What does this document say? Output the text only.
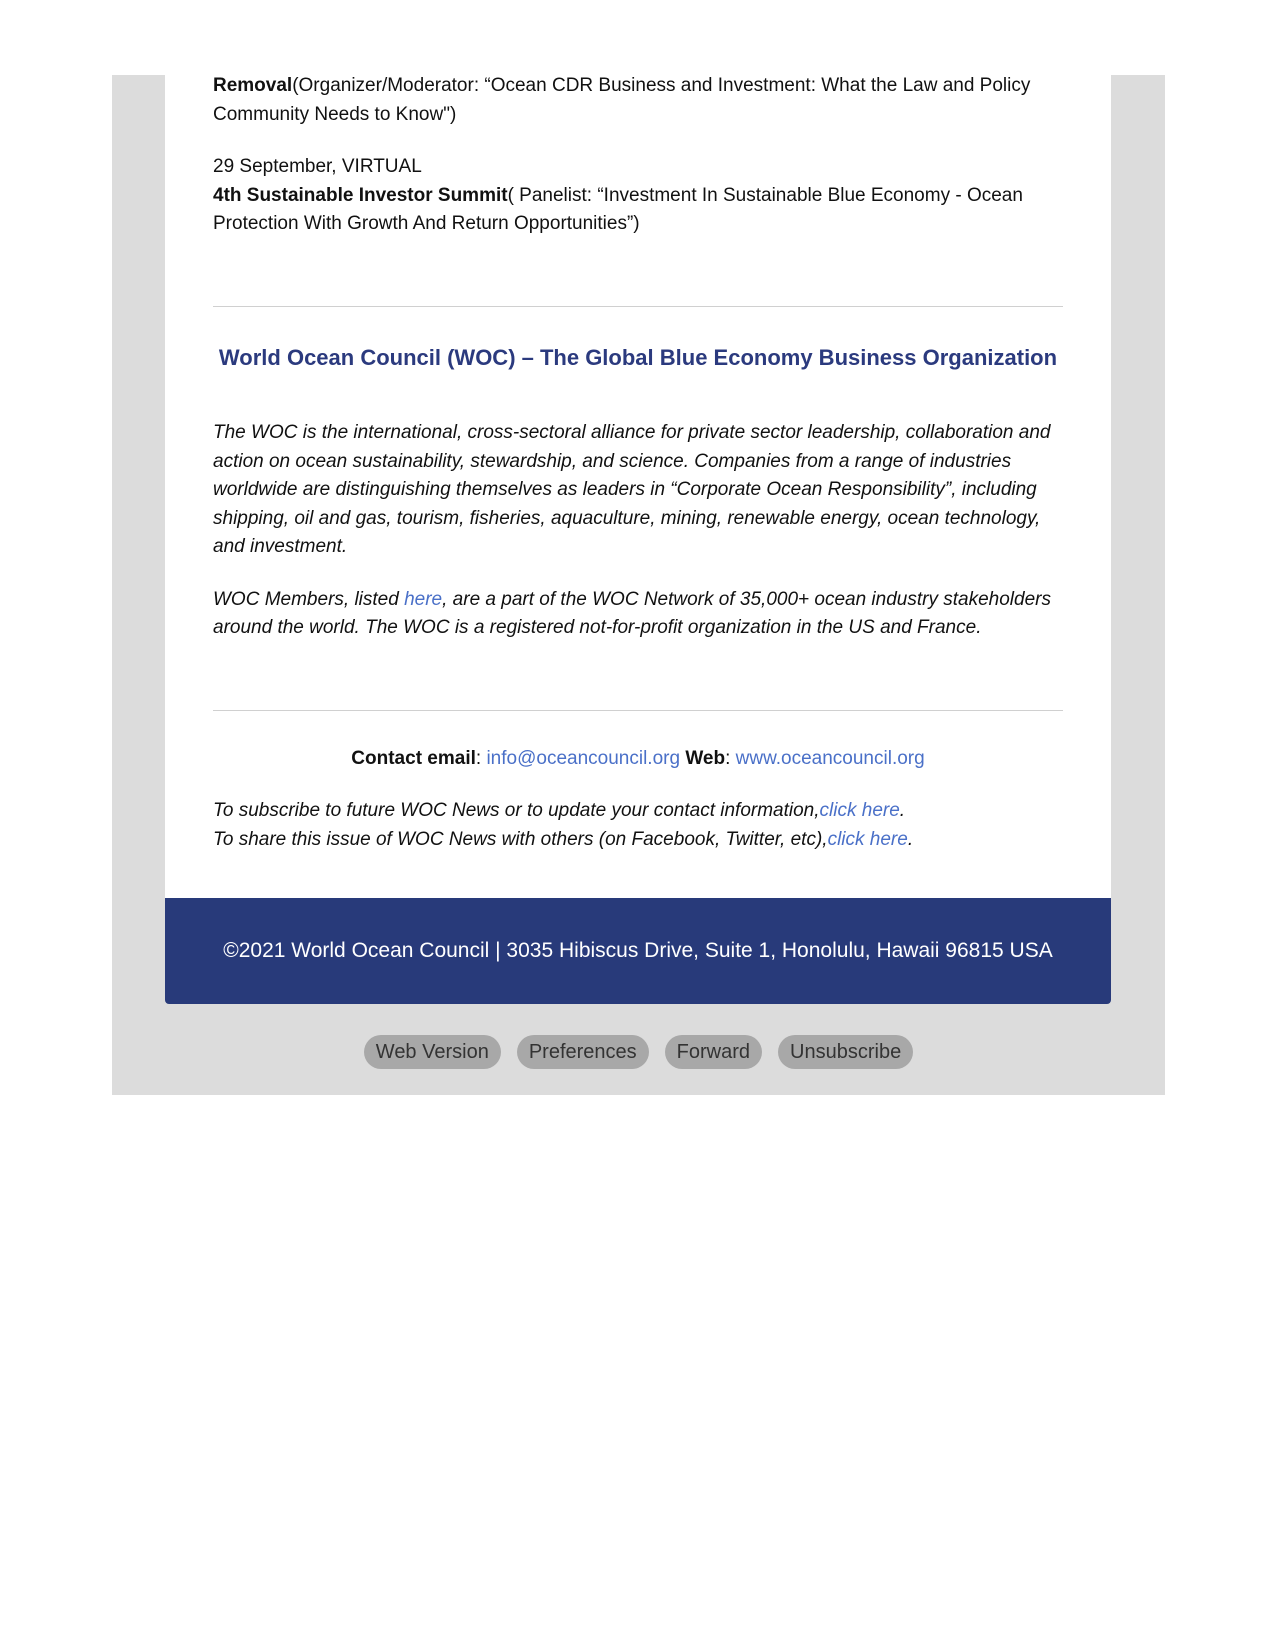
Removal(Organizer/Moderator: “Ocean CDR Business and Investment: What the Law and Policy Community Needs to Know")

29 September, VIRTUAL

4th Sustainable Investor Summit( Panelist: “Investment In Sustainable Blue Economy - Ocean Protection With Growth And Return Opportunities”)

World Ocean Council (WOC) – The Global Blue Economy Business Organization

The WOC is the international, cross-sectoral alliance for private sector leadership, collaboration and action on ocean sustainability, stewardship, and science. Companies from a range of industries worldwide are distinguishing themselves as leaders in “Corporate Ocean Responsibility”, including shipping, oil and gas, tourism, fisheries, aquaculture, mining, renewable energy, ocean technology, and investment.

WOC Members, listed here, are a part of the WOC Network of 35,000+ ocean industry stakeholders around the world. The WOC is a registered not-for-profit organization in the US and France.

Contact email: info@oceancouncil.org Web: www.oceancouncil.org

To subscribe to future WOC News or to update your contact information,click here.

To share this issue of WOC News with others (on Facebook, Twitter, etc),click here.

©2021 World Ocean Council | 3035 Hibiscus Drive, Suite 1, Honolulu, Hawaii 96815 USA
Web Version Preferences Forward Unsubscribe
